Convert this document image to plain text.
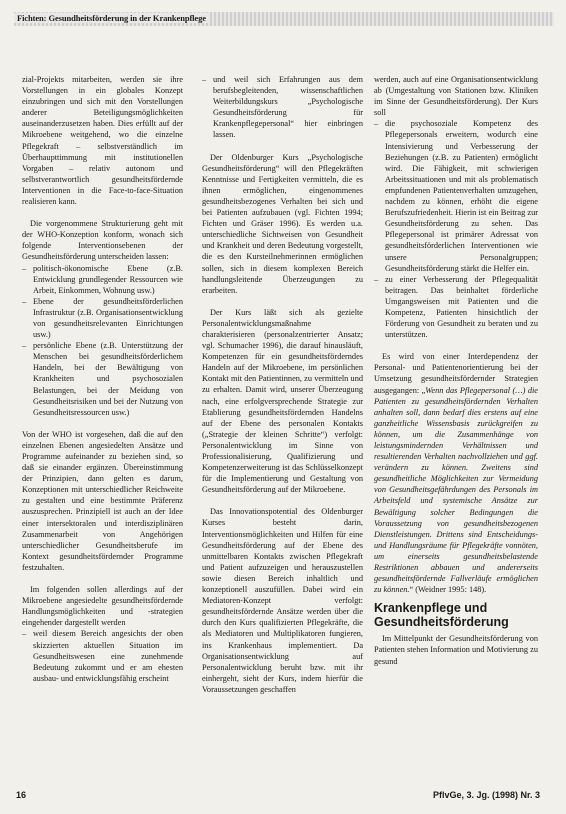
Fichten: Gesundheitsförderung in der Krankenpflege

zial-Projekts mitarbeiten, werden sie ihre Vorstellungen in ein globales Konzept einzubringen und sich mit den Vorstellungen anderer Beteiligungsmöglichkeiten auseinanderzusetzen haben. Dies erfüllt auf der Mikroebene weitgehend, wo die einzelne Pflegekraft – selbstverständlich im Überhaupttimmung mit institutionellen Vorgaben – relativ autonom und selbstverantwortlich gesundheitsfördernde Interventionen in die Face-to-face-Situation realisieren kann.

Die vorgenommene Strukturierung geht mit der WHO-Konzeption konform, wonach sich folgende Interventionsebenen der Gesundheitsförderung unterscheiden lassen:

– politisch-ökonomische Ebene (z.B. Entwicklung grundlegender Ressourcen wie Arbeit, Einkommen, Wohnung usw.)
– Ebene der gesundheitsförderlichen Infrastruktur (z.B. Organisationsentwicklung von gesundheitsrelevanten Einrichtungen usw.)
– persönliche Ebene (z.B. Unterstützung der Menschen bei gesundheitsförderlichem Handeln, bei der Bewältigung von Krankheiten und psychosozialen Belastungen, bei der Meidung von Gesundheitsrisiken und bei der Nutzung von Gesundheitsressourcen usw.)

Von der WHO ist vorgesehen, daß die auf den einzelnen Ebenen angesiedelten Ansätze und Programme aufeinander zu beziehen sind, so daß sie einander ergänzen. Übereinstimmung der Prinzipien, dann gelten es darum, Konzeptionen mit unterschiedlicher Reichweite zu gestalten und eine bestimmte Präferenz auszusprechen. Prinzipiell ist auch an der Idee einer intersektoralen und interdisziplinären Zusammenarbeit von Angehörigen unterschiedlicher Gesundheitsberufe im Kontext gesundheitsfördernder Programme festzuhalten.

Im folgenden sollen allerdings auf der Mikroebene angesiedelte gesundheitsfördernde Handlungsmöglichkeiten und -strategien eingehender dargestellt werden

– weil diesem Bereich angesichts der oben skizzierten aktuellen Situation im Gesundheitswesen eine zunehmende Bedeutung zukommt und er am ehesten ausbau- und entwicklungsfähig erscheint
– und weil sich Erfahrungen aus dem berufsbegleitenden, wissenschaftlichen Weiterbildungskurs „Psychologische Gesundheitsförderung für Krankenpflegepersonal“ hier einbringen lassen.

Der Oldenburger Kurs „Psychologische Gesundheitsförderung“ will den Pflegekräften Kenntnisse und Fertigkeiten vermitteln, die es ihnen ermöglichen, eingenommenes gesundheitsbezogenes Verhalten bei sich und bei Patienten aufzubauen (vgl. Fichten 1994; Fichten und Gräser 1996). Es werden u.a. unterschiedliche Sichtweisen von Gesundheit und Krankheit und deren Bedeutung vorgestellt, die es den Kursteilnehmerinnen ermöglichen sollen, sich in diesem komplexen Bereich handlungsleitende Überzeugungen zu erarbeiten.

Der Kurs läßt sich als gezielte Personalentwicklungsmaßnahme charakterisieren (personalzentrierter Ansatz; vgl. Schumacher 1996), die darauf hinausläuft, Kompetenzen für ein gesundheitsförderndes Handeln auf der Mikroebene, im persönlichen Kontakt mit den Patientinnen, zu vermitteln und zu erhalten. Damit wird, unserer Überzeugung nach, eine erfolgversprechende Strategie zur Etablierung gesundheitsfördernden Handelns auf der Ebene des personalen Kontakts („Strategie der kleinen Schritte“) verfolgt: Personalentwicklung im Sinne von Professionalisierung, Qualifizierung und Kompetenzerweiterung ist das Schlüsselkonzept für die Implementierung und Gestaltung von Gesundheitsförderung auf der Mikroebene.

Das Innovationspotential des Oldenburger Kurses besteht darin, Interventionsmöglichkeiten und Hilfen für eine Gesundheitsförderung auf der Ebene des unmittelbaren Kontakts zwischen Pflegekraft und Patient aufzuzeigen und herauszustellen sowie diesen Bereich inhaltlich und konzeptionell auszufüllen. Dabei wird ein Mediatoren-Konzept verfolgt: gesundheitsfördernde Ansätze werden über die durch den Kurs qualifizierten Pflegekräfte, die als Mediatoren und Multiplikatoren fungieren, ins Krankenhaus implementiert. Da Organisationsentwicklung auf Personalentwicklung beruht bzw. mit ihr einhergeht, sieht der Kurs, indem hierfür die Voraussetzungen geschaffen

werden, auch auf eine Organisationsentwicklung ab (Umgestaltung von Stationen bzw. Kliniken im Sinne der Gesundheitsförderung). Der Kurs soll

– die psychosoziale Kompetenz des Pflegepersonals erweitern, wodurch eine Intensivierung und Verbesserung der Beziehungen (z.B. zu Patienten) ermöglicht wird. Die Fähigkeit, mit schwierigen Arbeitssituationen und mit als problematisch empfundenen Patientenverhalten umzugehen, nachdem zu können, erhöht die eigene Berufszufriedenheit. Hierin ist ein Beitrag zur Gesundheitsförderung zu sehen. Das Pflegepersonal ist primärer Adressat von gesundheitsförderlichen Interventionen wie unsere Personalgruppen; Gesundheitsförderung stärkt die Helfer ein.
– zu einer Verbesserung der Pflegequalität beitragen. Das beinhaltet förderliche Umgangsweisen mit Patienten und die Kompetenz, Patienten hinsichtlich der Förderung von Gesundheit zu beraten und zu unterstützen.

Es wird von einer Interdependenz der Personal- und Patientenorientierung bei der Umsetzung gesundheitsfördernder Strategien ausgegangen: „Wenn das Pflegepersonal (…) die Patienten zu gesundheitsfördernden Verhalten anhalten soll, dann bedarf dies erstens auf eine ganzheitliche Wissensbasis zurückgreifen zu können, um die Zusammenhänge von leistungsmindernden Verhältnissen und resultierenden Verhalten nachvollziehen und ggf. verändern zu können. Zweitens sind gesundheitliche Möglichkeiten zur Vermeidung von Gesundheitsgefährdungen des Personals im Arbeitsfeld und systemische Ansätze zur Bewältigung solcher Bedingungen die Voraussetzung von gesundheitsbezogenen Dienstleistungen. Drittens sind Entscheidungs- und Handlungsräume für Pflegekräfte vonnöten, um einerseits gesundheitsbelastende Restriktionen abbauen und andererseits gesundheitsfördernde Fallverläufe ermöglichen zu können.“ (Weidner 1995: 148).

Krankenpflege und Gesundheitsförderung

Im Mittelpunkt der Gesundheitsförderung von Patienten stehen Information und Motivierung zu gesund

16	PflvGe, 3. Jg. (1998) Nr. 3
